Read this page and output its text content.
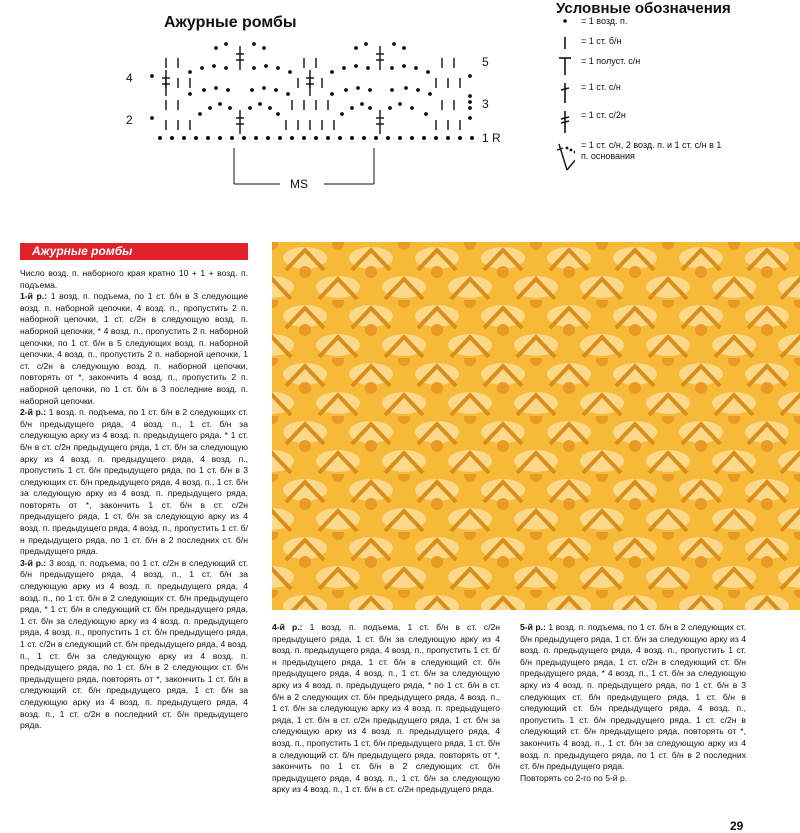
Ажурные ромбы
Условные обозначения
4
2
5
3
1 R
MS
= 1 возд. п.
= 1 ст. б/н
= 1 полуст. с/н
= 1 ст. с/н
= 1 ст. с/2н
= 1 ст. с/н, 2 возд. п. и 1 ст. с/н в 1 п. основания
Ажурные ромбы
Число возд. п. наборного края кратно 10 + 1 + возд. п. подъема.
1-й р.: 1 возд. п. подъема, по 1 ст. б/н в 3 следующие возд. п. наборной цепочки, 4 возд. п., пропустить 2 п. наборной цепочки, 1 ст. с/2н в следующую возд. п. наборной цепочки, * 4 возд. п., пропустить 2 п. наборной цепочки, по 1 ст. б/н в 5 следующих возд. п. наборной цепочки, 4 возд. п., пропустить 2 п. наборной цепочки, 1 ст. с/2н в следующую возд. п. наборной цепочки, повторять от *, закончить 4 возд. п., пропустить 2 п. наборной цепочки, по 1 ст. б/н в 3 последние возд. п. наборной цепочки.
2-й р.: 1 возд. п. подъема, по 1 ст. б/н в 2 следующих ст. б/н предыдущего ряда, 4 возд. п., 1 ст. б/н за следующую арку из 4 возд. п. предыдущего ряда. * 1 ст. б/н в ст. с/2н предыдущего ряда, 1 ст. б/н за следующую арку из 4 возд. п. предыдущего ряда, 4 возд. п., пропустить 1 ст. б/н предыдущего ряда, по 1 ст. б/н в 3 следующих ст. б/н предыдущего ряда, 4 возд. п., 1 ст. б/н за следующую арку из 4 возд. п. предыдущего ряда, повторять от *, закончить 1 ст. б/н в ст. с/2н предыдущего ряда, 1 ст. б/н за следующую арку из 4 возд. п. предыдущего ряда, 4 возд. п., пропустить 1 ст. б/н предыдущего ряда, по 1 ст. б/н в 2 последних ст. б/н предыдущего ряда.
3-й р.: 3 возд. п. подъема, по 1 ст. с/2н в следующий ст. б/н предыдущего ряда, 4 возд. п., 1 ст. б/н за следующую арку из 4 возд. п. предыдущего ряда, 4 возд. п., по 1 ст. б/н в 2 следующих ст. б/н предыдущего ряда, * 1 ст. б/н в следующий ст. б/н предыдущего ряда, 1 ст. б/н за следующую арку из 4 возд. п. предыдущего ряда, 4 возд. п., пропустить 1 ст. б/н предыдущего ряда, 1 ст. с/2н в следующий ст. б/н предыдущего ряда, 4 возд. п., 1 ст. б/н за следующую арку из 4 возд. п. предыдущего ряда, по 1 ст. б/н в 2 следующих ст. б/н предыдущего ряда, повторять от *, закончить 1 ст. б/н в следующий ст. б/н предыдущего ряда, 1 ст. б/н за следующую арку из 4 возд. п. предыдущего ряда, 4 возд. п., 1 ст. с/2н в последний ст. б/н предыдущего ряда.
4-й р.: 1 возд. п. подъема, 1 ст. б/н в ст. с/2н предыдущего ряда, 1 ст. б/н за следующую арку из 4 возд. п. предыдущего ряда, 4 возд. п., пропустить 1 ст. б/н предыдущего ряда, 1 ст. б/н в следующий ст. б/н предыдущего ряда, 4 возд. п., 1 ст. б/н за следующую арку из 4 возд. п. предыдущего ряда, * по 1 ст. б/н в ст. б/н в 2 следующих ст. б/н предыдущего ряда, 4 возд. п., 1 ст. б/н за следующую арку из 4 возд. п. предыдущего ряда, 1 ст. б/н в ст. с/2н предыдущего ряда, 1 ст. б/н за следующую арку из 4 возд. п. предыдущего ряда, 4 возд. п., пропустить 1 ст. б/н предыдущего ряда, 1 ст. б/н в следующий ст. б/н предыдущего ряда, повторять от *, закончить по 1 ст. б/н в 2 следующих ст. б/н предыдущего ряда, 4 возд. п., 1 ст. б/н за следующую арку из 4 возд. п., 1 ст. б/н в ст. с/2н предыдущего ряда.
5-й р.: 1 возд. п. подъема, по 1 ст. б/н в 2 следующих ст. б/н предыдущего ряда, 1 ст. б/н за следующую арку из 4 возд. п. предыдущего ряда, 4 возд. п., пропустить 1 ст. б/н предыдущего ряда, 1 ст. с/2н в следующий ст. б/н предыдущего ряда, * 4 возд. п., 1 ст. б/н за следующую арку из 4 возд. п. предыдущего ряда, по 1 ст. б/н в 3 следующих ст. б/н предыдущего ряда, 1 ст. б/н в следующий ст. б/н предыдущего ряда, 4 возд. п., пропустить 1 ст. б/н предыдущего ряда, 1 ст. с/2н в следующий ст. б/н предыдущего ряда, повторять от *, закончить 4 возд. п., 1 ст. б/н за следующую арку из 4 возд. п. предыдущего ряда, по 1 ст. б/н в 2 последних ст. б/н предыдущего ряда.
Повторять со 2-го по 5-й р.
29
